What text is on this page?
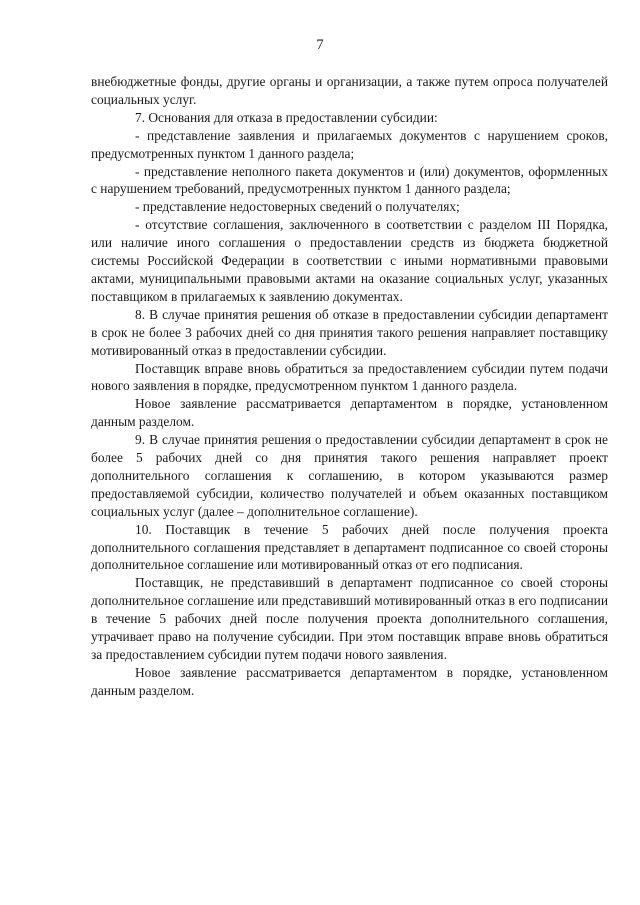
7

внебюджетные фонды, другие органы и организации, а также путем опроса получателей социальных услуг.

7. Основания для отказа в предоставлении субсидии:

- представление заявления и прилагаемых документов с нарушением сроков, предусмотренных пунктом 1 данного раздела;

- представление неполного пакета документов и (или) документов, оформленных с нарушением требований, предусмотренных пунктом 1 данного раздела;

- представление недостоверных сведений о получателях;

- отсутствие соглашения, заключенного в соответствии с разделом III Порядка, или наличие иного соглашения о предоставлении средств из бюджета бюджетной системы Российской Федерации в соответствии с иными нормативными правовыми актами, муниципальными правовыми актами на оказание социальных услуг, указанных поставщиком в прилагаемых к заявлению документах.

8. В случае принятия решения об отказе в предоставлении субсидии департамент в срок не более 3 рабочих дней со дня принятия такого решения направляет поставщику мотивированный отказ в предоставлении субсидии.

Поставщик вправе вновь обратиться за предоставлением субсидии путем подачи нового заявления в порядке, предусмотренном пунктом 1 данного раздела.

Новое заявление рассматривается департаментом в порядке, установленном данным разделом.

9. В случае принятия решения о предоставлении субсидии департамент в срок не более 5 рабочих дней со дня принятия такого решения направляет проект дополнительного соглашения к соглашению, в котором указываются размер предоставляемой субсидии, количество получателей и объем оказанных поставщиком социальных услуг (далее – дополнительное соглашение).

10. Поставщик в течение 5 рабочих дней после получения проекта дополнительного соглашения представляет в департамент подписанное со своей стороны дополнительное соглашение или мотивированный отказ от его подписания.

Поставщик, не представивший в департамент подписанное со своей стороны дополнительное соглашение или представивший мотивированный отказ в его подписании в течение 5 рабочих дней после получения проекта дополнительного соглашения, утрачивает право на получение субсидии. При этом поставщик вправе вновь обратиться за предоставлением субсидии путем подачи нового заявления.

Новое заявление рассматривается департаментом в порядке, установленном данным разделом.
